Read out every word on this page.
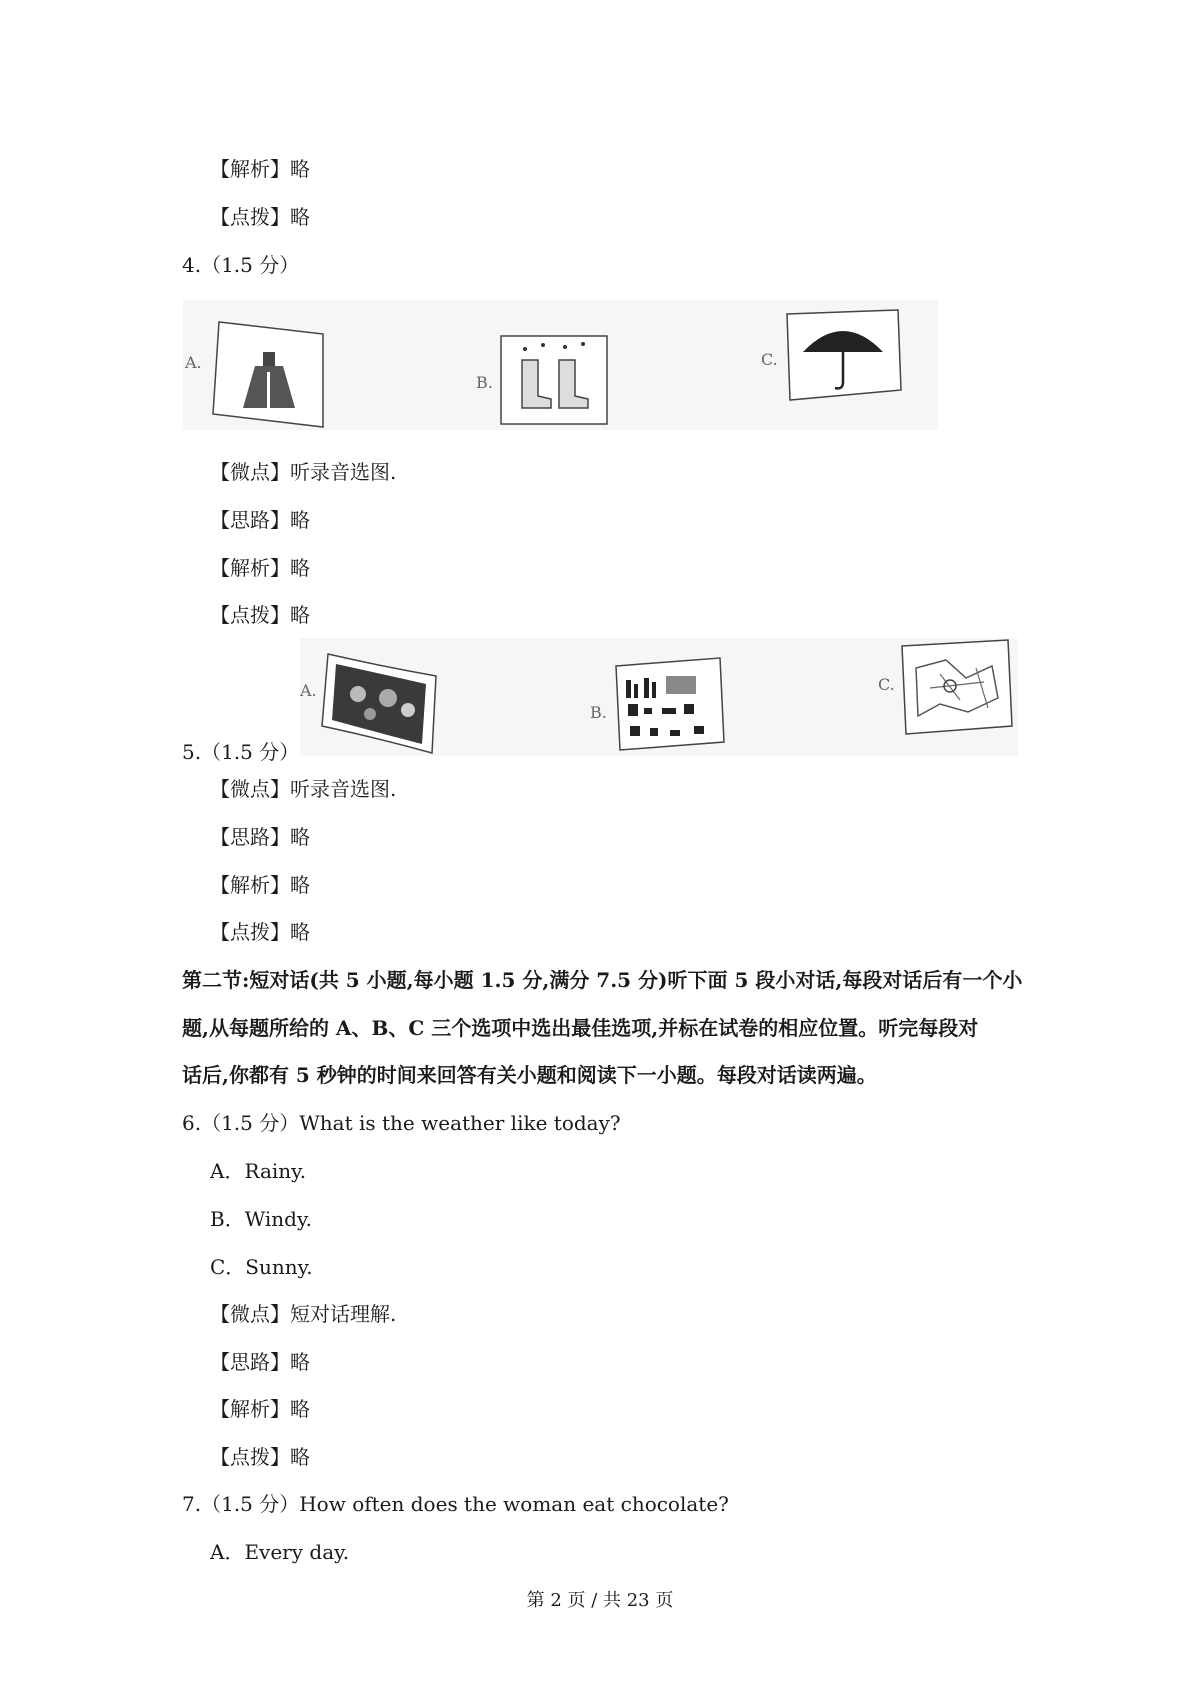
【解析】略
【点拨】略
4.（1.5 分）
A.
B.
C.
【微点】听录音选图.
【思路】略
【解析】略
【点拨】略
A.
B.
C.
5.（1.5 分）
【微点】听录音选图.
【思路】略
【解析】略
【点拨】略
第二节:短对话(共 5 小题,每小题 1.5 分,满分 7.5 分)听下面 5 段小对话,每段对话后有一个小
题,从每题所给的 A、B、C 三个选项中选出最佳选项,并标在试卷的相应位置。听完每段对
话后,你都有 5 秒钟的时间来回答有关小题和阅读下一小题。每段对话读两遍。
6.（1.5 分）What is the weather like today?
A．Rainy.
B．Windy.
C．Sunny.
【微点】短对话理解.
【思路】略
【解析】略
【点拨】略
7.（1.5 分）How often does the woman eat chocolate?
A．Every day.
第 2 页 / 共 23 页
